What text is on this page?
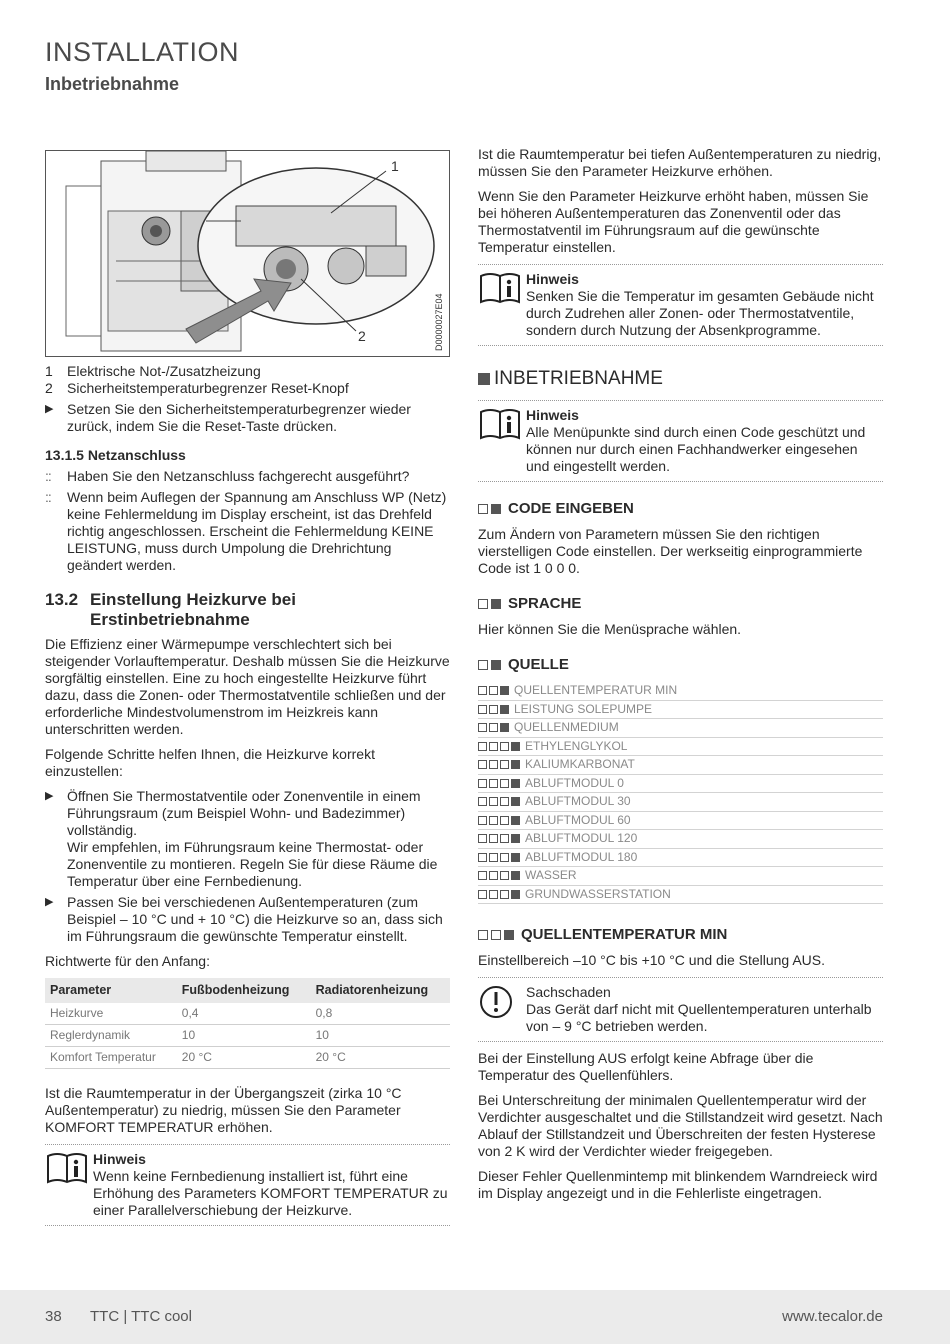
INSTALLATION
Inbetriebnahme
1
2	D0000027E04
1	Elektrische Not-/Zusatzheizung
2	Sicherheitstemperaturbegrenzer Reset-Knopf
▶ Setzen Sie den Sicherheitstemperaturbegrenzer wieder zurück, indem Sie die Reset-Taste drücken.
13.1.5 Netzanschluss
::	Haben Sie den Netzanschluss fachgerecht ausgeführt?
::	Wenn beim Auflegen der Spannung am Anschluss WP (Netz) keine Fehlermeldung im Display erscheint, ist das Drehfeld richtig angeschlossen. Erscheint die Fehlermeldung KEINE LEISTUNG, muss durch Umpolung die Drehrichtung geändert werden.
13.2 Einstellung Heizkurve bei Erstinbetriebnahme

Die Effizienz einer Wärmepumpe verschlechtert sich bei steigender Vorlauftemperatur. Deshalb müssen Sie die Heizkurve sorgfältig einstellen. Eine zu hoch eingestellte Heizkurve führt dazu, dass die Zonen- oder Thermostatventile schließen und der erforderliche Mindestvolumenstrom im Heizkreis kann unterschritten werden.

Folgende Schritte helfen Ihnen, die Heizkurve korrekt einzustellen:

▶ Öffnen Sie Thermostatventile oder Zonenventile in einem Führungsraum (zum Beispiel Wohn- und Badezimmer) vollständig.
Wir empfehlen, im Führungsraum keine Thermostat- oder Zonenventile zu montieren. Regeln Sie für diese Räume die Temperatur über eine Fernbedienung.
▶ Passen Sie bei verschiedenen Außentemperaturen (zum Beispiel – 10 °C und + 10 °C) die Heizkurve so an, dass sich im Führungsraum die gewünschte Temperatur einstellt.

Richtwerte für den Anfang:

Parameter	Fußbodenheizung	Radiatorenheizung
Heizkurve	0,4	0,8
Reglerdynamik	10	10
Komfort Temperatur	20 °C	20 °C

Ist die Raumtemperatur in der Übergangszeit (zirka 10 °C Außentemperatur) zu niedrig, müssen Sie den Parameter KOMFORT TEMPERATUR erhöhen.

Hinweis
Wenn keine Fernbedienung installiert ist, führt eine Erhöhung des Parameters KOMFORT TEMPERATUR zu einer Parallelverschiebung der Heizkurve.

Ist die Raumtemperatur bei tiefen Außentemperaturen zu niedrig, müssen Sie den Parameter Heizkurve erhöhen.

Wenn Sie den Parameter Heizkurve erhöht haben, müssen Sie bei höheren Außentemperaturen das Zonenventil oder das Thermostatventil im Führungsraum auf die gewünschte Temperatur einstellen.

Hinweis
Senken Sie die Temperatur im gesamten Gebäude nicht durch Zudrehen aller Zonen- oder Thermostatventile, sondern durch Nutzung der Absenkprogramme.
INBETRIEBNAHME
Hinweis
Alle Menüpunkte sind durch einen Code geschützt und können nur durch einen Fachhandwerker eingesehen und eingestellt werden.
CODE EINGEBEN

Zum Ändern von Parametern müssen Sie den richtigen vierstelligen Code einstellen. Der werkseitig einprogrammierte Code ist 1 0 0 0.

SPRACHE

Hier können Sie die Menüsprache wählen.

QUELLE
QUELLENTEMPERATUR MIN
LEISTUNG SOLEPUMPE
QUELLENMEDIUM
ETHYLENGLYKOL
KALIUMKARBONAT
ABLUFTMODUL 0
ABLUFTMODUL 30
ABLUFTMODUL 60
ABLUFTMODUL 120
ABLUFTMODUL 180
WASSER
GRUNDWASSERSTATION
QUELLENTEMPERATUR MIN

Einstellbereich –10 °C bis +10 °C und die Stellung AUS.

Sachschaden
Das Gerät darf nicht mit Quellentemperaturen unterhalb von – 9 °C betrieben werden.

Bei der Einstellung AUS erfolgt keine Abfrage über die Temperatur des Quellenfühlers.

Bei Unterschreitung der minimalen Quellentemperatur wird der Verdichter ausgeschaltet und die Stillstandzeit wird gesetzt. Nach Ablauf der Stillstandzeit und Überschreiten der festen Hysterese von 2 K wird der Verdichter wieder freigegeben.

Dieser Fehler Quellenmintemp mit blinkendem Warndreieck wird im Display angezeigt und in die Fehlerliste eingetragen.

38 TTC | TTC cool	www.tecalor.de
